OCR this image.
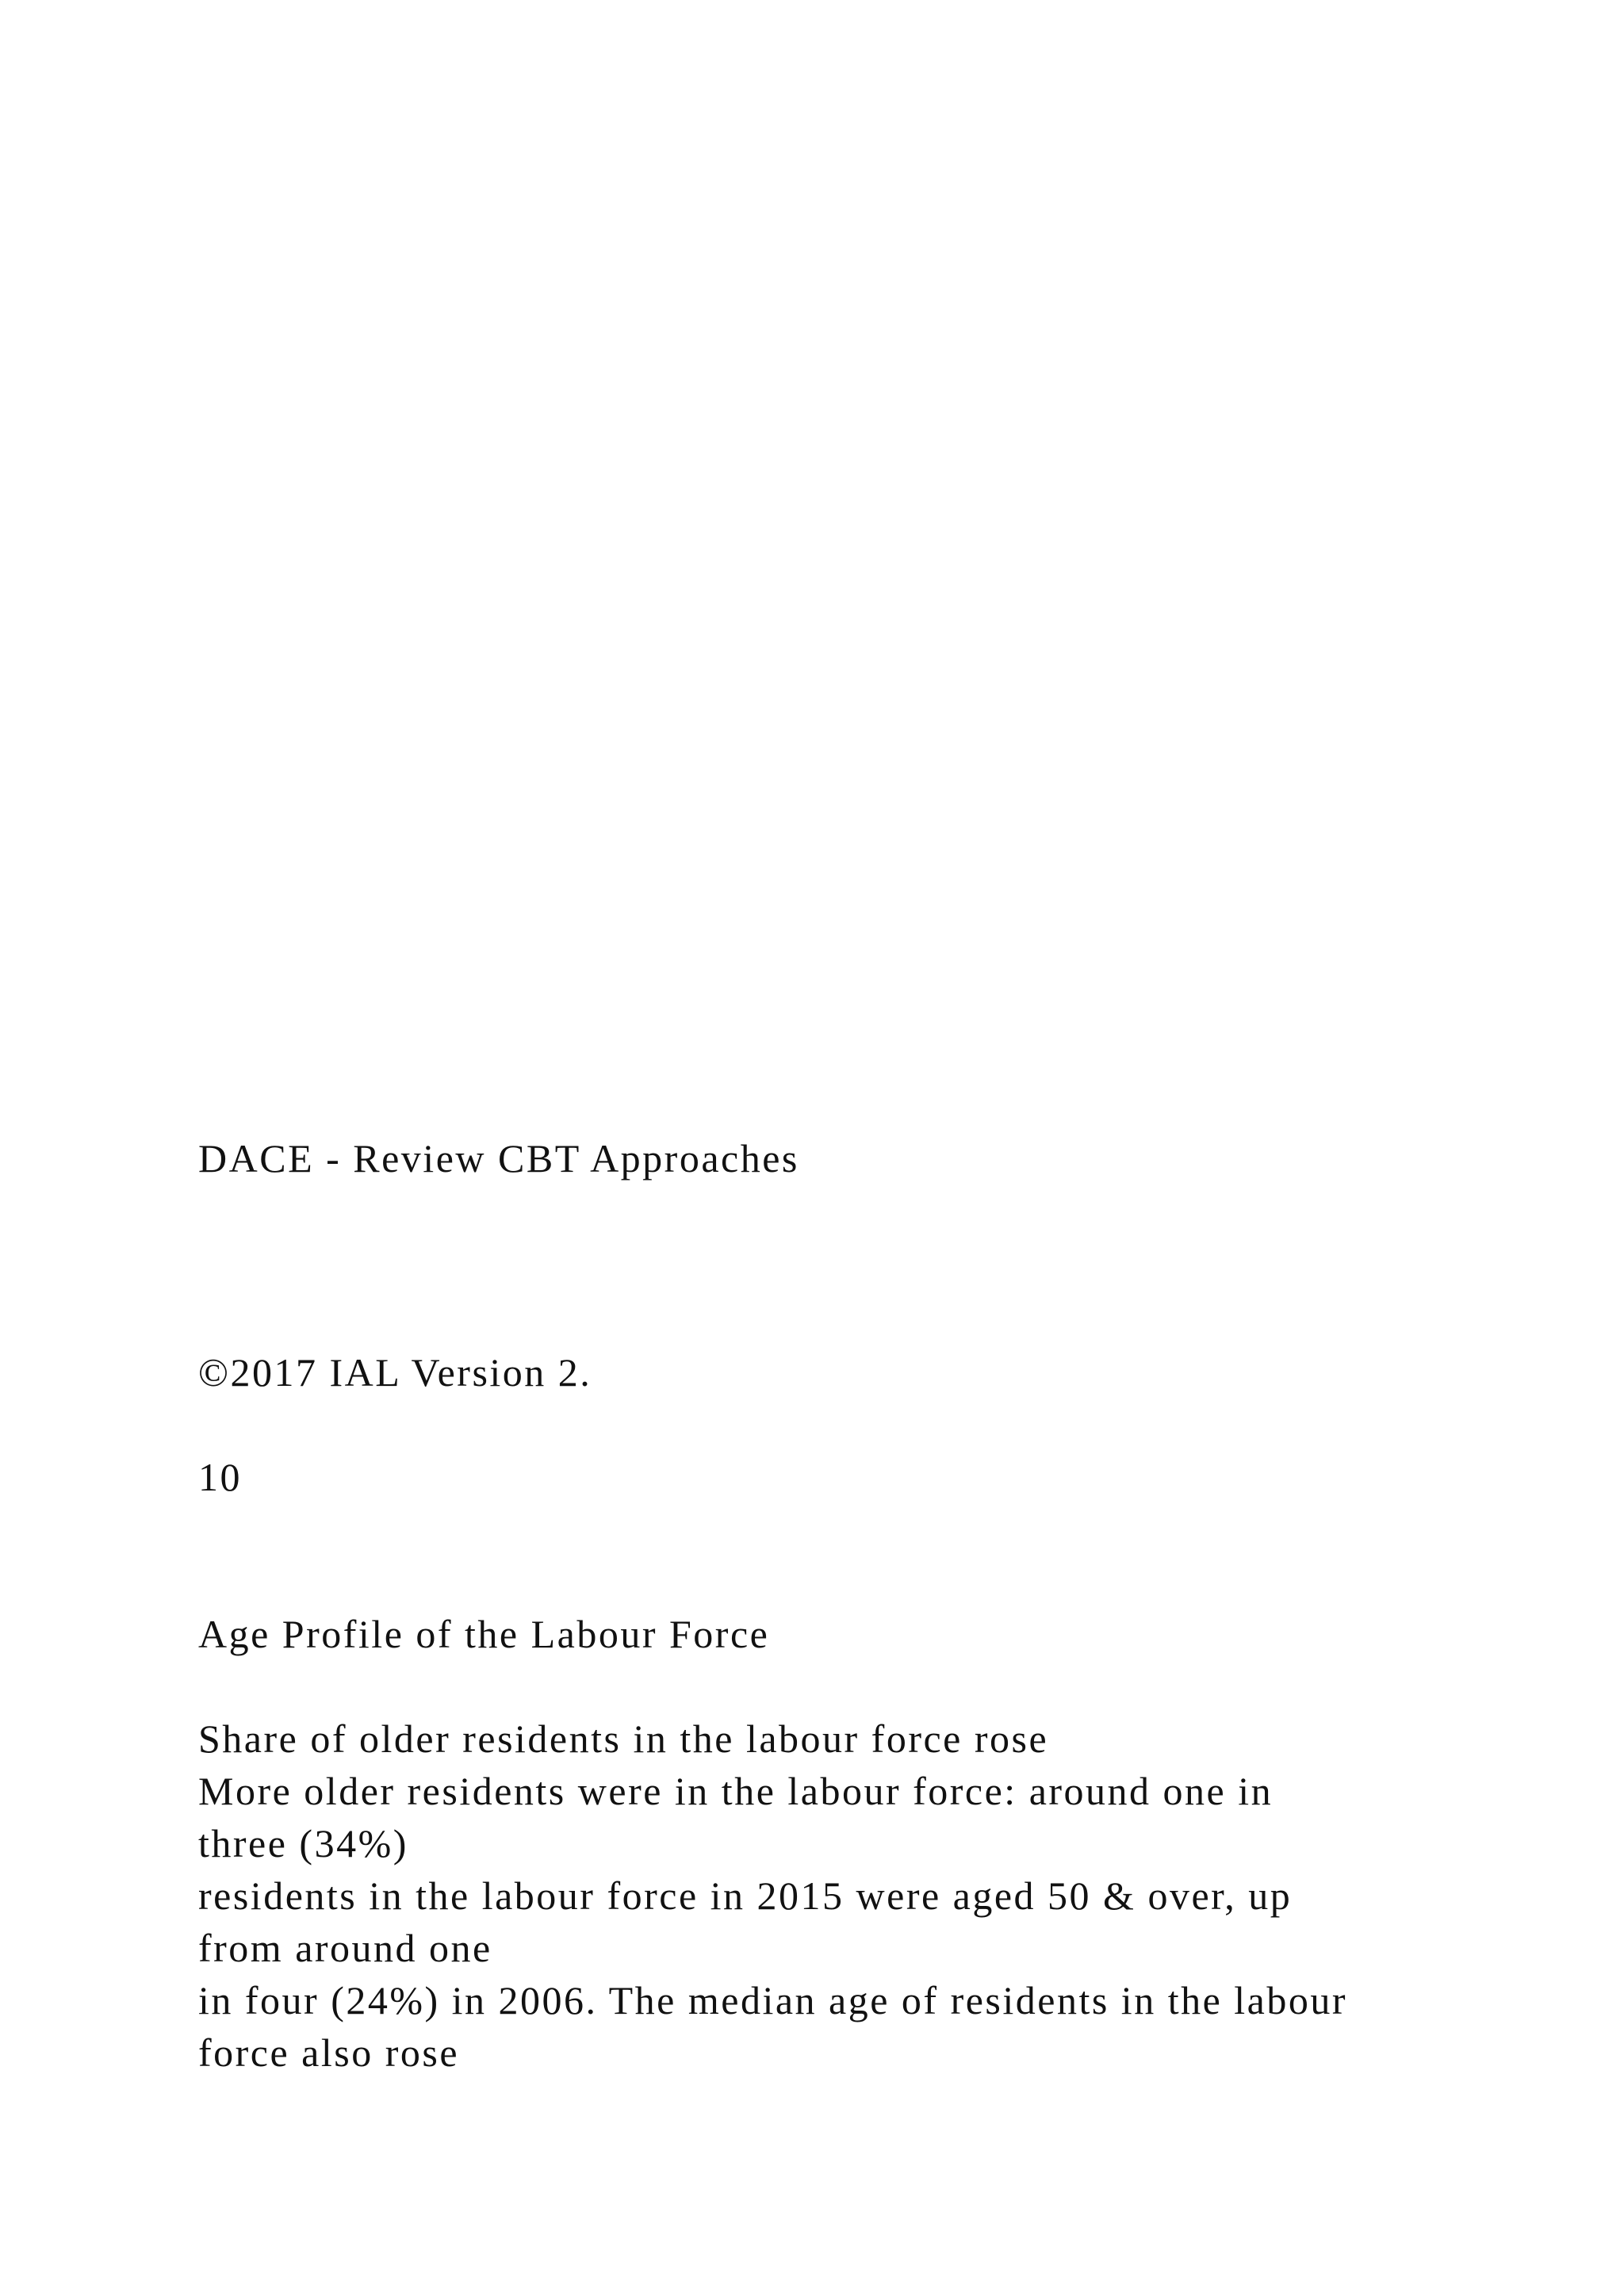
DACE - Review CBT Approaches

©2017 IAL Version 2.

10

Age Profile of the Labour Force

Share of older residents in the labour force rose
More older residents were in the labour force: around one in
three (34%)
residents in the labour force in 2015 were aged 50 & over, up
from around one
in four (24%) in 2006. The median age of residents in the labour
force also rose
